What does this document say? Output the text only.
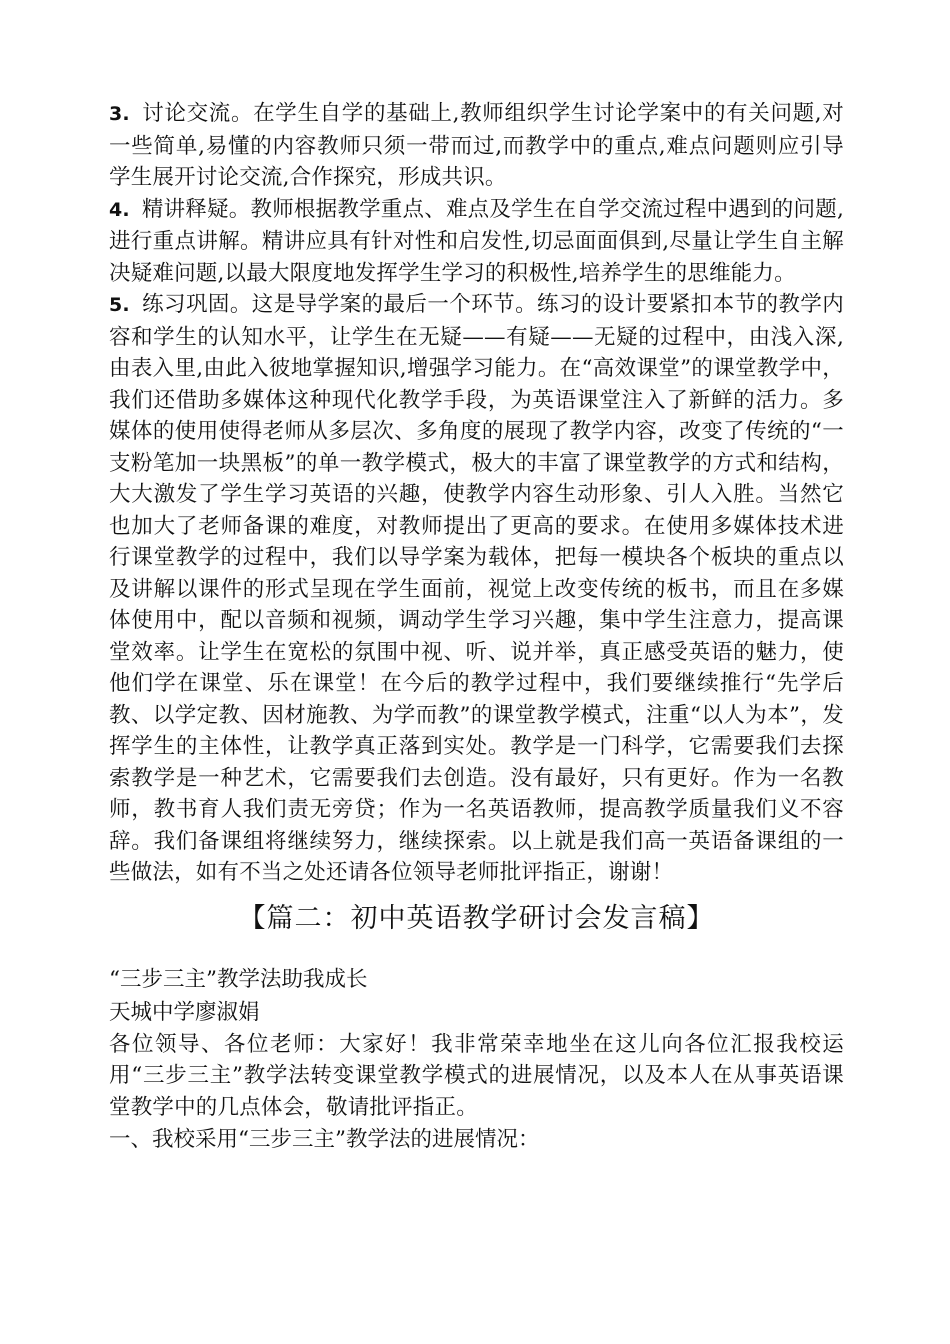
3. 讨论交流。在学生自学的基础上,教师组织学生讨论学案中的有关问题,对一些简单,易懂的内容教师只须一带而过,而教学中的重点,难点问题则应引导学生展开讨论交流,合作探究，形成共识。

4. 精讲释疑。教师根据教学重点、难点及学生在自学交流过程中遇到的问题,进行重点讲解。精讲应具有针对性和启发性,切忌面面俱到,尽量让学生自主解决疑难问题,以最大限度地发挥学生学习的积极性,培养学生的思维能力。

5. 练习巩固。这是导学案的最后一个环节。练习的设计要紧扣本节的教学内容和学生的认知水平，让学生在无疑——有疑——无疑的过程中，由浅入深,由表入里,由此入彼地掌握知识,增强学习能力。在“高效课堂”的课堂教学中，我们还借助多媒体这种现代化教学手段，为英语课堂注入了新鲜的活力。多媒体的使用使得老师从多层次、多角度的展现了教学内容，改变了传统的“一支粉笔加一块黑板”的单一教学模式，极大的丰富了课堂教学的方式和结构，大大激发了学生学习英语的兴趣，使教学内容生动形象、引人入胜。当然它也加大了老师备课的难度，对教师提出了更高的要求。在使用多媒体技术进行课堂教学的过程中，我们以导学案为载体，把每一模块各个板块的重点以及讲解以课件的形式呈现在学生面前，视觉上改变传统的板书，而且在多媒体使用中，配以音频和视频，调动学生学习兴趣，集中学生注意力，提高课堂效率。让学生在宽松的氛围中视、听、说并举，真正感受英语的魅力，使他们学在课堂、乐在课堂！在今后的教学过程中，我们要继续推行“先学后教、以学定教、因材施教、为学而教”的课堂教学模式，注重“以人为本”，发挥学生的主体性，让教学真正落到实处。教学是一门科学，它需要我们去探索教学是一种艺术，它需要我们去创造。没有最好，只有更好。作为一名教师，教书育人我们责无旁贷；作为一名英语教师，提高教学质量我们义不容辞。我们备课组将继续努力，继续探索。以上就是我们高一英语备课组的一些做法，如有不当之处还请各位领导老师批评指正，谢谢！

【篇二：初中英语教学研讨会发言稿】

“三步三主”教学法助我成长

天城中学廖淑娟

各位领导、各位老师：大家好！我非常荣幸地坐在这儿向各位汇报我校运用“三步三主”教学法转变课堂教学模式的进展情况，以及本人在从事英语课堂教学中的几点体会，敬请批评指正。

一、我校采用“三步三主”教学法的进展情况：
